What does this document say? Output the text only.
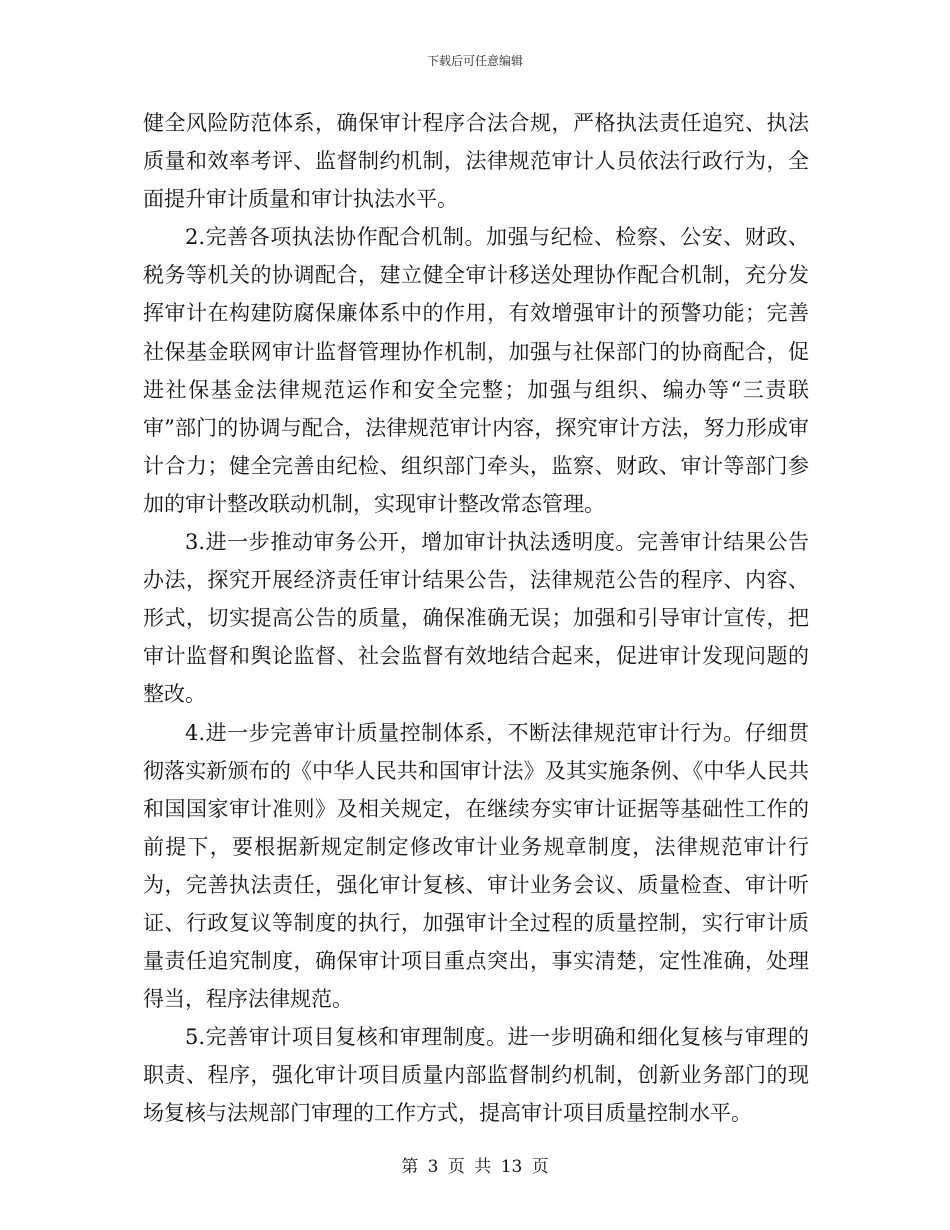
下载后可任意编辑

健全风险防范体系，确保审计程序合法合规，严格执法责任追究、执法质量和效率考评、监督制约机制，法律规范审计人员依法行政行为，全面提升审计质量和审计执法水平。

2.完善各项执法协作配合机制。加强与纪检、检察、公安、财政、税务等机关的协调配合，建立健全审计移送处理协作配合机制，充分发挥审计在构建防腐保廉体系中的作用，有效增强审计的预警功能；完善社保基金联网审计监督管理协作机制，加强与社保部门的协商配合，促进社保基金法律规范运作和安全完整；加强与组织、编办等“三责联审”部门的协调与配合，法律规范审计内容，探究审计方法，努力形成审计合力；健全完善由纪检、组织部门牵头，监察、财政、审计等部门参加的审计整改联动机制，实现审计整改常态管理。

3.进一步推动审务公开，增加审计执法透明度。完善审计结果公告办法，探究开展经济责任审计结果公告，法律规范公告的程序、内容、形式，切实提高公告的质量，确保准确无误；加强和引导审计宣传，把审计监督和舆论监督、社会监督有效地结合起来，促进审计发现问题的整改。

4.进一步完善审计质量控制体系，不断法律规范审计行为。仔细贯彻落实新颁布的《中华人民共和国审计法》及其实施条例、《中华人民共和国国家审计准则》及相关规定，在继续夯实审计证据等基础性工作的前提下，要根据新规定制定修改审计业务规章制度，法律规范审计行为，完善执法责任，强化审计复核、审计业务会议、质量检查、审计听证、行政复议等制度的执行，加强审计全过程的质量控制，实行审计质量责任追究制度，确保审计项目重点突出，事实清楚，定性准确，处理得当，程序法律规范。

5.完善审计项目复核和审理制度。进一步明确和细化复核与审理的职责、程序，强化审计项目质量内部监督制约机制，创新业务部门的现场复核与法规部门审理的工作方式，提高审计项目质量控制水平。

第 3 页 共 13 页
